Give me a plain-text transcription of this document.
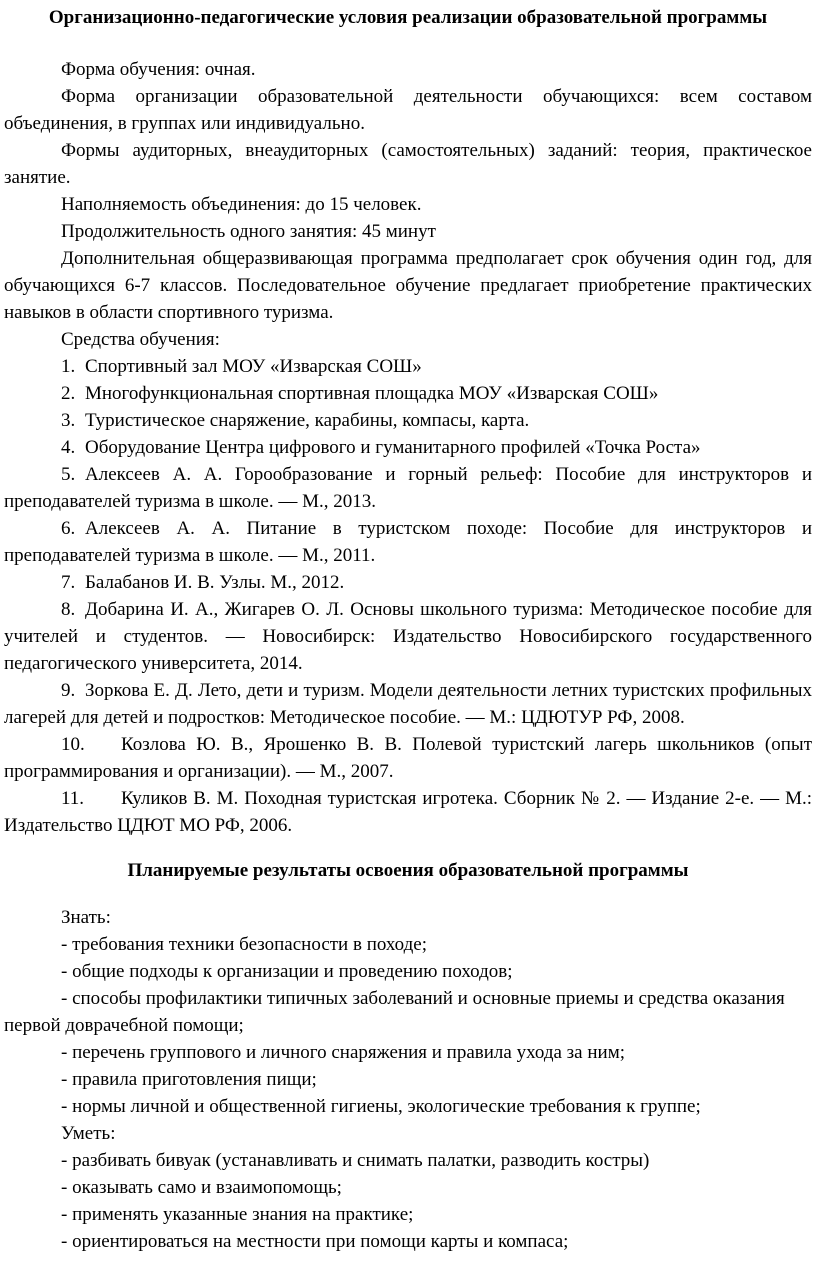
Организационно-педагогические условия реализации образовательной программы

Форма обучения: очная.

Форма организации образовательной деятельности обучающихся: всем составом объединения, в группах или индивидуально.

Формы аудиторных, внеаудиторных (самостоятельных) заданий: теория, практическое занятие.

Наполняемость объединения: до 15 человек.

Продолжительность одного занятия: 45 минут

Дополнительная общеразвивающая программа предполагает срок обучения один год, для обучающихся 6-7 классов. Последовательное обучение предлагает приобретение практических навыков в области спортивного туризма.

Средства обучения:

1. Спортивный зал МОУ «Изварская СОШ»
2. Многофункциональная спортивная площадка МОУ «Изварская СОШ»
3. Туристическое снаряжение, карабины, компасы, карта.
4. Оборудование Центра цифрового и гуманитарного профилей «Точка Роста»
5. Алексеев А. А. Горообразование и горный рельеф: Пособие для инструкторов и преподавателей туризма в школе. — М., 2013.
6. Алексеев А. А. Питание в туристском походе: Пособие для инструкторов и преподавателей туризма в школе. — М., 2011.
7. Балабанов И. В. Узлы. М., 2012.
8. Добарина И. А., Жигарев О. Л. Основы школьного туризма: Методическое пособие для учителей и студентов. — Новосибирск: Издательство Новосибирского государственного педагогического университета, 2014.
9. Зоркова Е. Д. Лето, дети и туризм. Модели деятельности летних туристских профильных лагерей для детей и подростков: Методическое пособие. — М.: ЦДЮТУР РФ, 2008.
10. Козлова Ю. В., Ярошенко В. В. Полевой туристский лагерь школьников (опыт программирования и организации). — М., 2007.
11. Куликов В. М. Походная туристская игротека. Сборник № 2. — Издание 2-е. — М.: Издательство ЦДЮТ МО РФ, 2006.

Планируемые результаты освоения образовательной программы

Знать:

- требования техники безопасности в походе;
- общие подходы к организации и проведению походов;
- способы профилактики типичных заболеваний и основные приемы и средства оказания первой доврачебной помощи;
- перечень группового и личного снаряжения и правила ухода за ним;
- правила приготовления пищи;
- нормы личной и общественной гигиены, экологические требования к группе;

Уметь:

- разбивать бивуак (устанавливать и снимать палатки, разводить костры)
- оказывать само и взаимопомощь;
- применять указанные знания на практике;
- ориентироваться на местности при помощи карты и компаса;
